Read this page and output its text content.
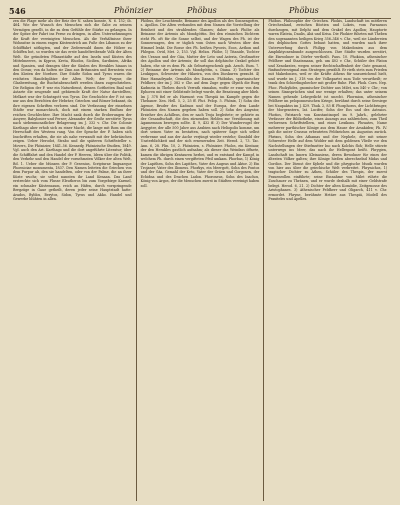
546	Phönizier	Phöbus	Phöbus
zen die Plage mehr als der Reiz der N. sahen konnte, N. 6. 152; ib. 464. Wie der Wunsch des Menschen sich die Gabe zu seinem Vermögen gesellt, in die zu dem Gefühle der Stärke zu gelangen. In der Spitze der Fahrt ins Ferne zu dringen, in allen Unternehmungen die Kraft der vereinigten Menschen. Als die Verhältnisse ihrer Wohnsitze in einem engen Küstenstrich am Fuße des Libanon zu der Schifffahrt nöthigten, und der Zedernwald ihnen die Hölzer zu Schiffen bot, so wurden sie das erste handeltreibende Volk der Alten Welt. Sie gründeten Pflanzstädte auf den Inseln und Küsten des Mittelmeeres, in Kypros, Kreta, Rhodos, Sicilien, Sardinien, Afrika und Spanien, und drangen über die Säulen des Herakles hinaus in den Ocean; von da holten sie Zinn aus Britannien und Bernstein von den Küsten der Nordsee. Ihre Städte Sidon und Tyrus waren die reichsten Handelsplätze der Alten Welt; der Purpur, die Glasbereitung, die Buchstabenschrift werden ihnen zugeschrieben. Die Religion der P. war ein Naturdienst, dessen Gottheiten Baal und Astarte die zeugende und gebärende Kraft der Natur darstellten; Melkart war der Schutzgott von Tyrus. Die Geschichte der P. ist uns nur aus den Berichten der Hebräer, Griechen und Römer bekannt, da ihre eigenen Schriften verloren sind. Die Verfassung der einzelnen Städte war monarchisch, doch mit einem starken Einfluss der reichen Geschlechter. Ihre Macht sank durch die Eroberungen der Assyrer, Babylonier und Perser; Alexander der Große zerstörte Tyrus nach siebenmonatlicher Belagerung im J. 332 v. Chr. Die Colonie Karthago aber erhob sich zu einer Macht, die lange mit Rom um die Herrschaft des Westens rang. Von der Sprache der P. haben sich Inschriften erhalten, die sie als nahe verwandt mit der hebräischen zeigen. Ueber Herodot, Strabo und die späteren Schriftsteller s. Movers, Die Phönizier, 1841–56. Kennedy, Phönizische Studien, 1849. Vgl. auch den Art. Karthago und die dort angeführte Literatur; über die Schifffahrt und den Handel der P. Heeren, Ideen über die Politik, den Verkehr und den Handel der vornehmsten Völker der alten Welt, Bd. 1. Ueber die Münzen der P. Gesenius, Scripturae linguaeque Phoeniciae monumenta, 1837. Den Namen leiteten die Griechen von dem Purpur ab, den sie handelten, oder von der Palme, die an ihrer Küste wuchs; sie selbst nannten ihr Land Kenaan. Das Land erstreckte sich vom Flusse Eleutheros bis zum Vorgebirge Karmel, ein schmaler Küstensaum, reich an Häfen, durch vorspringende Bergzüge in Gaue getheilt, deren jeder seine Hauptstadt hatte: Arados, Byblos, Berytos, Sidon, Tyrus und Akko. Handel und Gewerbe blühten in allen.
Phöbus, der Leuchtende, Beiname des Apollon als des Sonnengottes, s. Apollon. Die Alten verbanden mit dem Namen die Vorstellung der Reinheit und des strahlenden Glanzes; daher auch Phöbe als Beiname der Artemis als Mondgöttin. Bei den römischen Dichtern steht Ph. oft für die Sonne selbst, und der Wagen des Ph. ist der Sonnenwagen, den er täglich vom Osten nach Westen über den Himmel lenkt. Die Rosse des Ph. heißen Pyroeis, Eoos, Aethon und Phlegon. Ovid, Met. 2, 153. Vgl. Helios. Phöbe, 1) Titanide, Tochter des Uranos und der Gäa, Mutter der Leto und Asteria, Großmutter des Apollon und der Artemis; ihr soll das delphische Orakel gehört haben, ehe sie es dem Ph. als Geburtsgeschenk gab. Aesch. Eum. 7. 2) Beiname der Artemis als Mondgöttin, s. Diana. 3) Tochter des Leukippos, Schwester der Hilaeira, von den Dioskuren geraubt. 4) Eine Hamadryade, Gemahlin des Danaos. Phöbidas, spartanischer Feldherr, der im J. 382 v. Chr. auf dem Zuge gegen Olynth die Burg Kadmeia in Theben durch Verrath einnahm, wofür er zwar von den Ephoren mit einer Geldstrafe belegt wurde, die Besatzung aber blieb. Im J. 378 fiel er als Harmost von Thespiä im Kampfe gegen die Thebaner. Xen. Hell. 5, 2, 25 ff. Plut. Pelop. 5. Phönix, 1) Sohn des Agenor, Bruder des Kadmos und der Europa, der dem Lande Phönizien den Namen gegeben haben soll. 2) Sohn des Amyntor, Erzieher des Achilleus, den er nach Troja begleitete; er gehörte zu der Gesandtschaft, die den zürnenden Helden zur Versöhnung mit Agamemnon bewegen sollte. Il. 9, 432 ff. 3) Der Wundervogel der Aegypter, der alle 500 Jahre aus Arabien nach Heliopolis komme, um dort seinen Vater zu bestatten, nach späterer Sage sich selbst verbrenne und aus der Asche verjüngt wieder erstehe; Sinnbild der Unsterblichkeit und der sich erneuernden Zeit. Herod. 2, 73. Tac. Ann. 6, 28. Plin. 10, 2. Phönizien, s. Phönizier. Pholos, ein Kentaur, der den Herakles gastlich aufnahm; als dieser das Weinfass öffnete, kamen die übrigen Kentauren herbei, und es entstand der Kampf, in welchem Ph. durch einen vergifteten Pfeil umkam. Phorbas, 1) König der Lapithen, Sohn des Lapithes, Vater des Augeas und Aktor. 2) Ein Trojaner, Vater des Ilioneus. Phorkys, ein Meergott, Sohn des Pontos und der Gäa, Gemahl der Keto, Vater der Gräen und Gorgonen, der Echidna und des Drachen Ladon. Phoroneus, Sohn des Inachos, König von Argos, der die Menschen zuerst in Städten vereinigt haben soll.
Phöbus. Philosophie der Griechen. Phokis, Landschaft im mittleren Griechenland, zwischen Böotien und Lokris, vom Parnassos durchzogen, mit Delphi und dem Orakel des Apollon; Hauptorte waren Elateia, Daulis, Abä und Krisa. Die Phokier führten mit Theben den sogenannten heiligen Krieg 356–346 v. Chr., weil sie Ländereien des delphischen Gottes bebaut hatten, und wurden nach ihrer Unterwerfung durch Philipp von Makedonien aus dem Amphiktyonenbunde ausgeschlossen. Ihre Städte wurden zerstört, die Einwohner in Dörfer vertheilt. Paus. 10. Phokion, athenischer Feldherr und Staatsmann, geb. um 402 v. Chr., Schüler des Platon und Xenokrates, wegen seiner Rechtschaffenheit der Gute genannt, fünfundvierzigmal zum Strategen gewählt. Er rieth stets zum Frieden mit Makedonien, weil er die Kräfte Athens für unzureichend hielt, und wurde im J. 318 von der Volkspartei zum Tode verurtheilt; er trank den Schierlingsbecher mit großer Ruhe. Plut. Phok. Corn. Nep. Phoc. Phokylides, gnomischer Dichter aus Milet, um 540 v. Chr.; von seinen Sinnsprüchen sind nur wenige erhalten; das unter seinem Namen gehende Lehrgedicht ist unecht. Phormion, athenischer Feldherr im peloponnesischen Kriege, berühmt durch seine Seesiege bei Naupaktos im J. 429. Thuk. 2, 83 ff. Phosphoros, der Lichtbringer, der Morgenstern, lat. Lucifer, Sohn der Eos und des Astraios. Photios, Patriarch von Konstantinopel im 9. Jahrh., gelehrter Verfasser der Bibliotheke, eines Auszugs aus zahlreichen, zum Theil verlorenen Schriftstellern, und eines Lexikons. Phraates, Name mehrerer parthischer Könige aus dem Hause der Arsakiden; Ph. IV. gab die unter Crassus erbeuteten Feldzeichen an Augustus zurück. Phrixos, Sohn des Athamas und der Nephele, der mit seiner Schwester Helle auf dem Widder mit dem goldenen Vließe vor den Nachstellungen der Stiefmutter Ino nach Kolchis floh; Helle stürzte unterwegs ins Meer, das nach ihr Hellespont heißt. Phrygien, Landschaft im Innern Kleinasiens, deren Bewohner für eines der ältesten Völker galten; ihre Könige hießen abwechselnd Midas und Gordios. Der Dienst der Kybele und die phrygische Musik wurden von hier aus über die griechische Welt verbreitet. Phrynichos, 1) tragischer Dichter zu Athen, Schüler des Thespis, der zuerst Frauenrollen einführte; seine Einnahme von Milet rührte die Zuschauer zu Thränen, und er wurde deshalb mit einer Geldstrafe belegt. Herod. 6, 21. 2) Dichter der alten Komödie, Zeitgenosse des Aristophanes. 3) Athenischer Feldherr und Oligarch, 411 v. Chr. ermordet. Phryne, berühmte Hetäre aus Thespiä, Modell des Praxiteles und Apelles.
